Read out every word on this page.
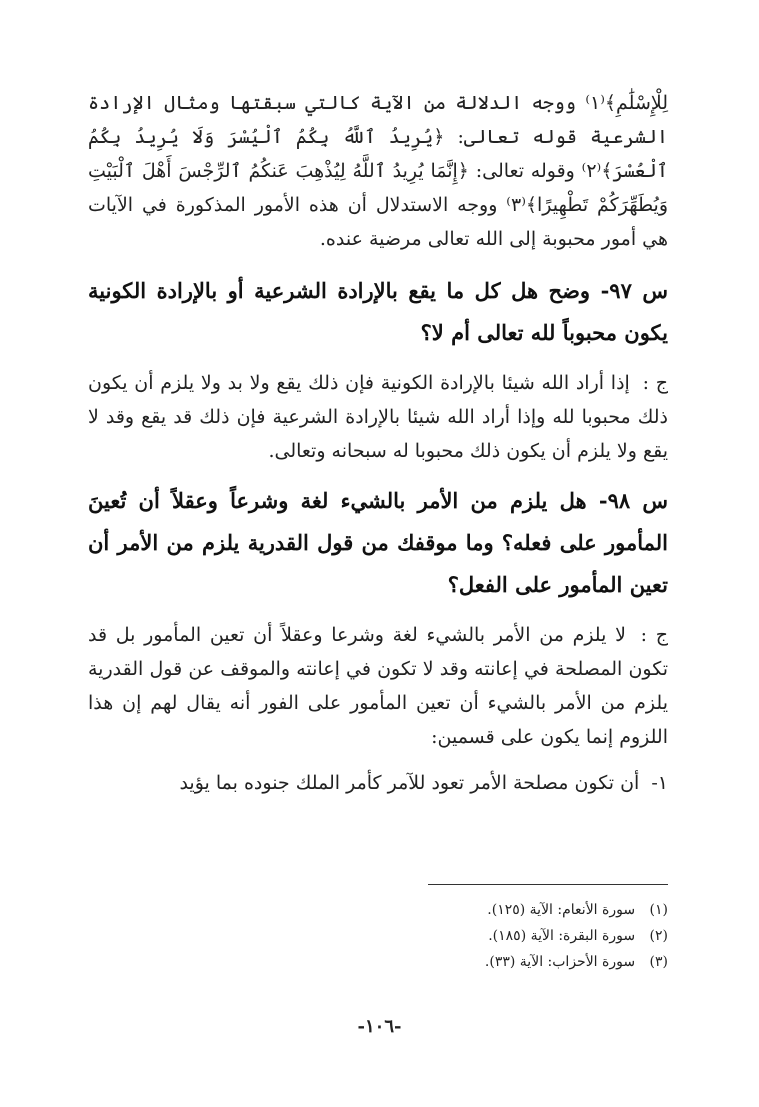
لِلْإِسْلَٰمِ﴾⁽١⁾ ووجه الدلالة من الآية كالتي سبقتها ومثال الإرادة الشرعية قوله تعالى: ﴿يُرِيدُ ٱللَّهُ بِكُمُ ٱلْيُسْرَ وَلَا يُرِيدُ بِكُمُ ٱلْعُسْرَ﴾⁽٢⁾ وقوله تعالى: ﴿إِنَّمَا يُرِيدُ ٱللَّهُ لِيُذْهِبَ عَنكُمُ ٱلرِّجْسَ أَهْلَ ٱلْبَيْتِ وَيُطَهِّرَكُمْ تَطْهِيرًا﴾⁽٣⁾ ووجه الاستدلال أن هذه الأمور المذكورة في الآيات هي أمور محبوبة إلى الله تعالى مرضية عنده.

س ٩٧- وضح هل كل ما يقع بالإرادة الشرعية أو بالإرادة الكونية يكون محبوباً لله تعالى أم لا؟

ج : إذا أراد الله شيئا بالإرادة الكونية فإن ذلك يقع ولا بد ولا يلزم أن يكون ذلك محبوبا لله وإذا أراد الله شيئا بالإرادة الشرعية فإن ذلك قد يقع وقد لا يقع ولا يلزم أن يكون ذلك محبوبا له سبحانه وتعالى.

س ٩٨- هل يلزم من الأمر بالشيء لغة وشرعاً وعقلاً أن تُعينَ المأمور على فعله؟ وما موقفك من قول القدرية يلزم من الأمر أن تعين المأمور على الفعل؟

ج : لا يلزم من الأمر بالشيء لغة وشرعا وعقلاً أن تعين المأمور بل قد تكون المصلحة في إعانته وقد لا تكون في إعانته والموقف عن قول القدرية يلزم من الأمر بالشيء أن تعين المأمور على الفور أنه يقال لهم إن هذا اللزوم إنما يكون على قسمين:

١- أن تكون مصلحة الأمر تعود للآمر كأمر الملك جنوده بما يؤيد

(١) سورة الأنعام: الآية (١٢٥).

(٢) سورة البقرة: الآية (١٨٥).

(٣) سورة الأحزاب: الآية (٣٣).

-١٠٦-
